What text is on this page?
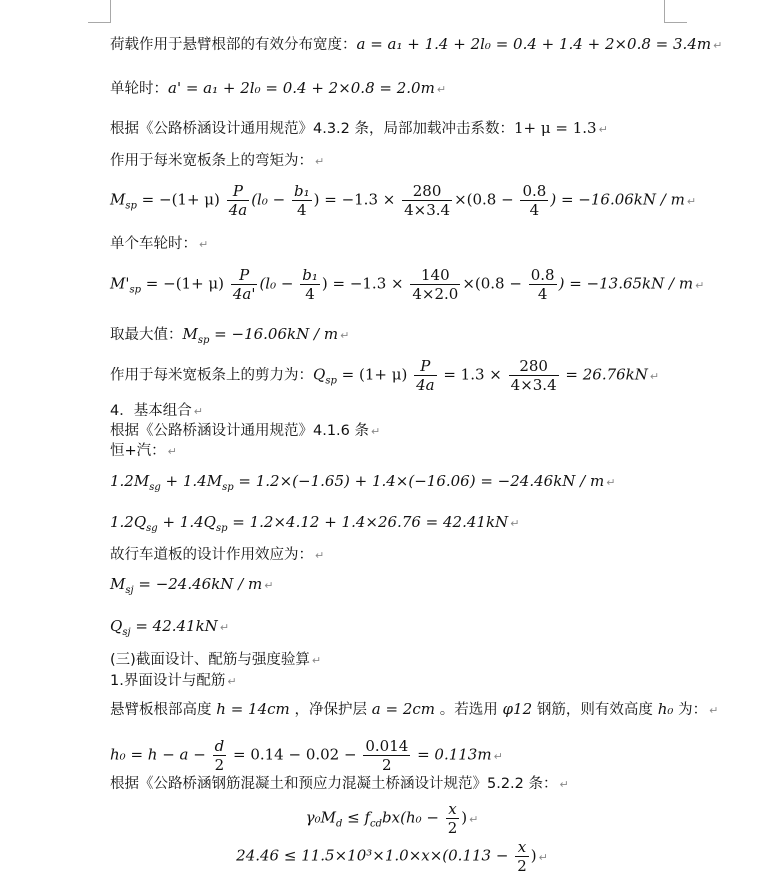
荷载作用于悬臂根部的有效分布宽度：a = a₁ + 1.4 + 2l₀ = 0.4 + 1.4 + 2×0.8 = 3.4m ↵
单轮时：a' = a₁ + 2l₀ = 0.4 + 2×0.8 = 2.0m ↵
根据《公路桥涵设计通用规范》4.3.2 条，局部加载冲击系数：1+ μ = 1.3 ↵
作用于每米宽板条上的弯矩为： ↵
$M_{sp} = -(1+ \mu) \frac{P}{4a} (l_0 - \frac{\text{b₁}}{4}$ ) = $-1.3 \times \frac{280}{4\times 3.4} \times(0.8 - \frac{0.8}{4}$ ) = −16.06kN / m ↵
单个车轮时： ↵
$M'_{sp} = -(1+ \mu) \frac{P}{4a'} (l_0 - \frac{\text{b₁}}{4}$ ) = $-1.3 \times \frac{140}{4\times 2.0} \times(0.8 - \frac{0.8}{4}$ ) = −13.65kN / m ↵
取最大值：$M_{sp} = -16.06kN / m$ ↵
作用于每米宽板条上的剪力为：$Q_{sp} = (1+ \mu) \frac{P}{4a} = 1.3 \times \frac{280}{4\times 3.4} = 26.76kN$ ↵
4．基本组合 ↵
根据《公路桥涵设计通用规范》4.1.6 条 ↵
恒+汽： ↵
$1.2M_{sg} + 1.4M_{sp} = 1.2\times(-1.65) + 1.4\times(-16.06) = -24.46kN / m$ ↵
$1.2Q_{sg} + 1.4Q_{sp} = 1.2\times 4.12 + 1.4\times 26.76 = 42.41kN$ ↵
故行车道板的设计作用效应为： ↵
$M_{sj} = -24.46kN / m$ ↵
$Q_{sj} = 42.41kN$ ↵
(三)截面设计、配筋与强度验算 ↵
1.界面设计与配筋 ↵
悬臂板根部高度 h = 14cm ，净保护层 a = 2cm 。若选用 φ12 钢筋，则有效高度 h₀ 为： ↵
$h_0 = h - a - \frac{d}{2} = 0.14 - 0.02 - \frac{0.014}{2} = 0.113m$ ↵
根据《公路桥涵钢筋混凝土和预应力混凝土桥涵设计规范》5.2.2 条： ↵
$\gamma_0M_d \le f_{cd}bx(h_0 - \frac{x}{2}$ ) ↵
$24.46 \le 11.5\times 10^3\times 1.0\times x\times(0.113 - \frac{x}{2}$ ) ↵
